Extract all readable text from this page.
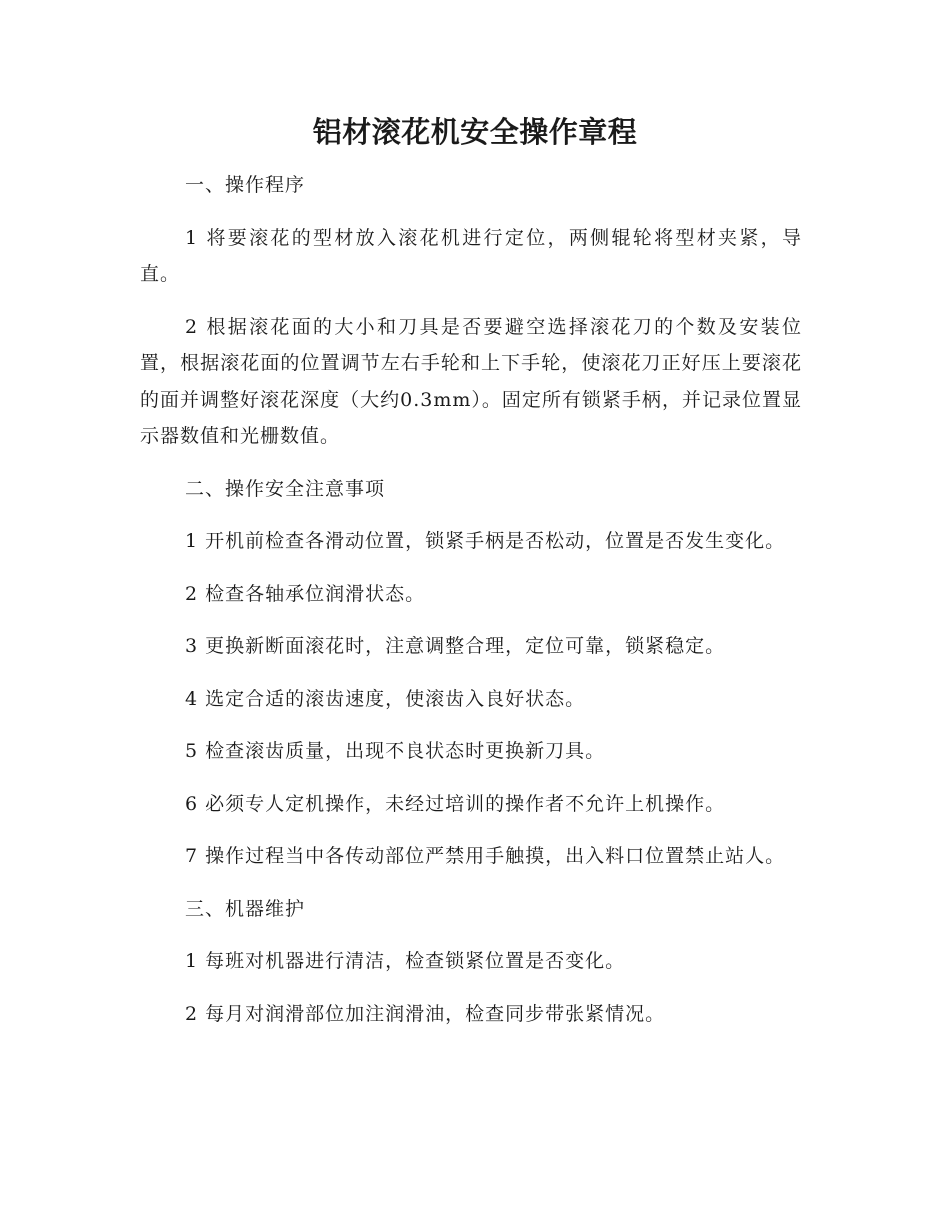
铝材滚花机安全操作章程

一、操作程序

1 将要滚花的型材放入滚花机进行定位，两侧辊轮将型材夹紧，导直。

2 根据滚花面的大小和刀具是否要避空选择滚花刀的个数及安装位置，根据滚花面的位置调节左右手轮和上下手轮，使滚花刀正好压上要滚花的面并调整好滚花深度（大约0.3mm）。固定所有锁紧手柄，并记录位置显示器数值和光栅数值。

二、操作安全注意事项

1 开机前检查各滑动位置，锁紧手柄是否松动，位置是否发生变化。

2 检查各轴承位润滑状态。

3 更换新断面滚花时，注意调整合理，定位可靠，锁紧稳定。

4 选定合适的滚齿速度，使滚齿入良好状态。

5 检查滚齿质量，出现不良状态时更换新刀具。

6 必须专人定机操作，未经过培训的操作者不允许上机操作。

7 操作过程当中各传动部位严禁用手触摸，出入料口位置禁止站人。

三、机器维护

1 每班对机器进行清洁，检查锁紧位置是否变化。

2 每月对润滑部位加注润滑油，检查同步带张紧情况。
